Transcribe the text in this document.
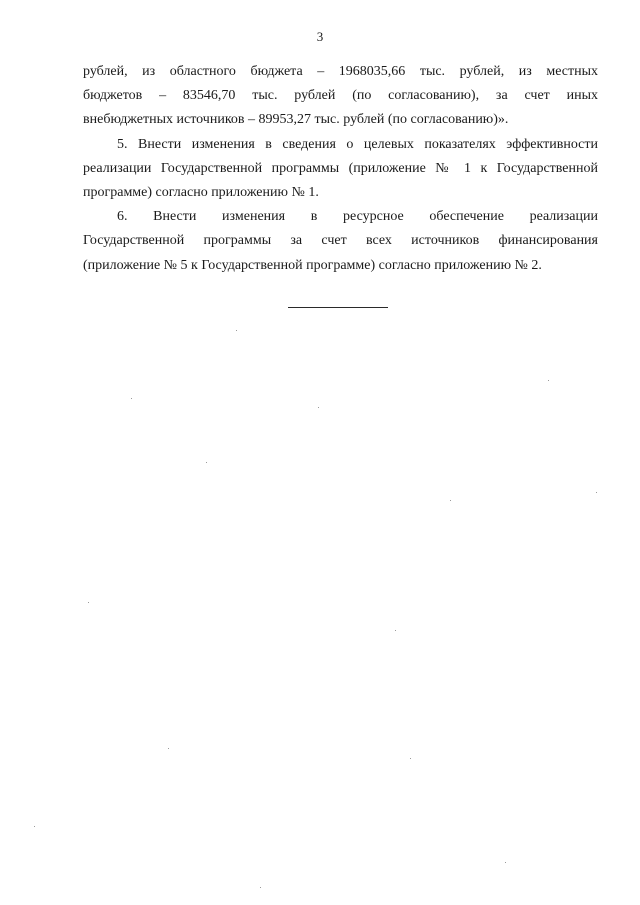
3

рублей, из областного бюджета – 1968035,66 тыс. рублей, из местных
бюджетов – 83546,70 тыс. рублей (по согласованию), за счет иных
внебюджетных источников – 89953,27 тыс. рублей (по согласованию)».

5. Внести изменения в сведения о целевых показателях эффективности
реализации Государственной программы (приложение № 1 к Государственной
программе) согласно приложению № 1.

6. Внести изменения в ресурсное обеспечение реализации
Государственной программы за счет всех источников финансирования
(приложение № 5 к Государственной программе) согласно приложению № 2.
